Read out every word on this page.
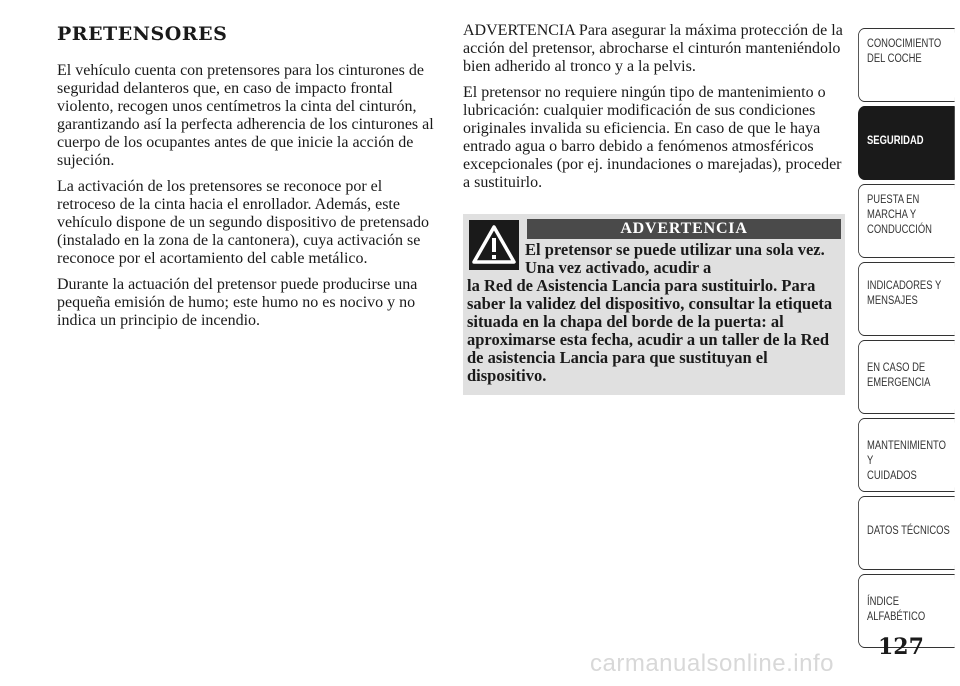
PRETENSORES

El vehículo cuenta con pretensores para los cinturones de seguridad delanteros que, en caso de impacto frontal violento, recogen unos centímetros la cinta del cinturón, garantizando así la perfecta adherencia de los cinturones al cuerpo de los ocupantes antes de que inicie la acción de sujeción.

La activación de los pretensores se reconoce por el retroceso de la cinta hacia el enrollador. Además, este vehículo dispone de un segundo dispositivo de pretensado (instalado en la zona de la cantonera), cuya activación se reconoce por el acortamiento del cable metálico.

Durante la actuación del pretensor puede producirse una pequeña emisión de humo; este humo no es nocivo y no indica un principio de incendio.

ADVERTENCIA Para asegurar la máxima protección de la acción del pretensor, abrocharse el cinturón manteniéndolo bien adherido al tronco y a la pelvis.

El pretensor no requiere ningún tipo de mantenimiento o lubricación: cualquier modificación de sus condiciones originales invalida su eficiencia. En caso de que le haya entrado agua o barro debido a fenómenos atmosféricos excepcionales (por ej. inundaciones o marejadas), proceder a sustituirlo.

ADVERTENCIA
El pretensor se puede utilizar una sola vez. Una vez activado, acudir a
la Red de Asistencia Lancia para sustituirlo. Para saber la validez del dispositivo, consultar la etiqueta situada en la chapa del borde de la puerta: al aproximarse esta fecha, acudir a un taller de la Red de asistencia Lancia para que sustituyan el dispositivo.
CONOCIMIENTO
DEL COCHE
SEGURIDAD
PUESTA EN
MARCHA Y
CONDUCCIÓN
INDICADORES Y
MENSAJES
EN CASO DE
EMERGENCIA
MANTENIMIENTO Y
CUIDADOS
DATOS TÉCNICOS
ÍNDICE
ALFABÉTICO
127
carmanualsonline.info
